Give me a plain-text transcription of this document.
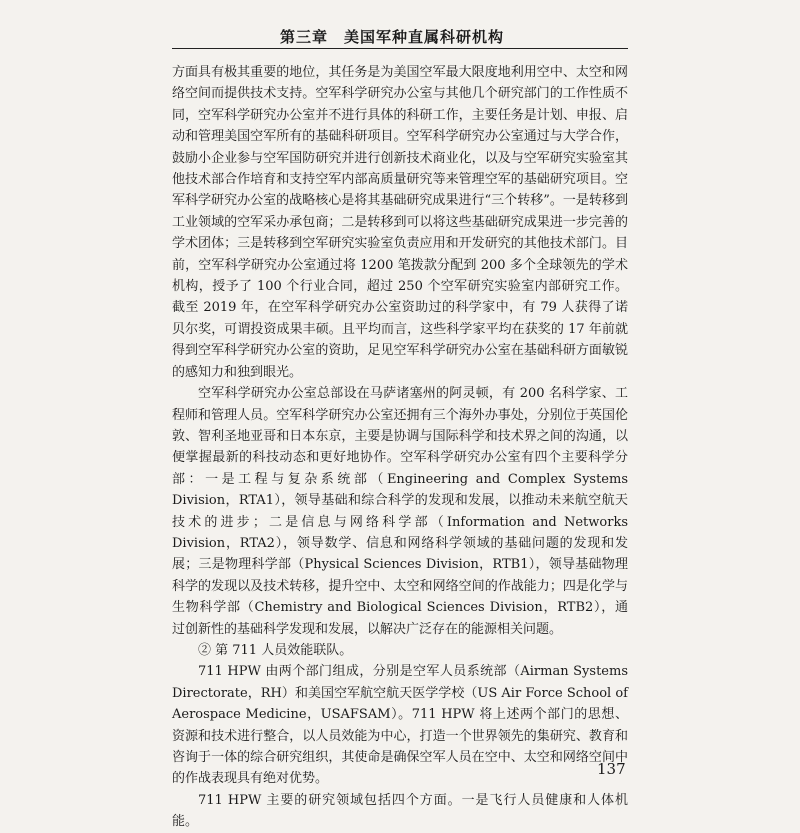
第三章　美国军种直属科研机构

方面具有极其重要的地位，其任务是为美国空军最大限度地利用空中、太空和网络空间而提供技术支持。空军科学研究办公室与其他几个研究部门的工作性质不同，空军科学研究办公室并不进行具体的科研工作，主要任务是计划、申报、启动和管理美国空军所有的基础科研项目。空军科学研究办公室通过与大学合作，鼓励小企业参与空军国防研究并进行创新技术商业化，以及与空军研究实验室其他技术部合作培育和支持空军内部高质量研究等来管理空军的基础研究项目。空军科学研究办公室的战略核心是将其基础研究成果进行“三个转移”。一是转移到工业领域的空军采办承包商；二是转移到可以将这些基础研究成果进一步完善的学术团体；三是转移到空军研究实验室负责应用和开发研究的其他技术部门。目前，空军科学研究办公室通过将 1200 笔拨款分配到 200 多个全球领先的学术机构，授予了 100 个行业合同，超过 250 个空军研究实验室内部研究工作。截至 2019 年，在空军科学研究办公室资助过的科学家中，有 79 人获得了诺贝尔奖，可谓投资成果丰硕。且平均而言，这些科学家平均在获奖的 17 年前就得到空军科学研究办公室的资助，足见空军科学研究办公室在基础科研方面敏锐的感知力和独到眼光。

空军科学研究办公室总部设在马萨诸塞州的阿灵顿，有 200 名科学家、工程师和管理人员。空军科学研究办公室还拥有三个海外办事处，分别位于英国伦敦、智利圣地亚哥和日本东京，主要是协调与国际科学和技术界之间的沟通，以便掌握最新的科技动态和更好地协作。空军科学研究办公室有四个主要科学分部：一是工程与复杂系统部（Engineering and Complex Systems Division，RTA1），领导基础和综合科学的发现和发展，以推动未来航空航天技术的进步；二是信息与网络科学部（Information and Networks Division，RTA2），领导数学、信息和网络科学领域的基础问题的发现和发展；三是物理科学部（Physical Sciences Division，RTB1），领导基础物理科学的发现以及技术转移，提升空中、太空和网络空间的作战能力；四是化学与生物科学部（Chemistry and Biological Sciences Division，RTB2），通过创新性的基础科学发现和发展，以解决广泛存在的能源相关问题。

② 第 711 人员效能联队。

711 HPW 由两个部门组成，分别是空军人员系统部（Airman Systems Directorate，RH）和美国空军航空航天医学学校（US Air Force School of Aerospace Medicine，USAFSAM）。711 HPW 将上述两个部门的思想、资源和技术进行整合，以人员效能为中心，打造一个世界领先的集研究、教育和咨询于一体的综合研究组织，其使命是确保空军人员在空中、太空和网络空间中的作战表现具有绝对优势。

711 HPW 主要的研究领域包括四个方面。一是飞行人员健康和人体机能。

137
